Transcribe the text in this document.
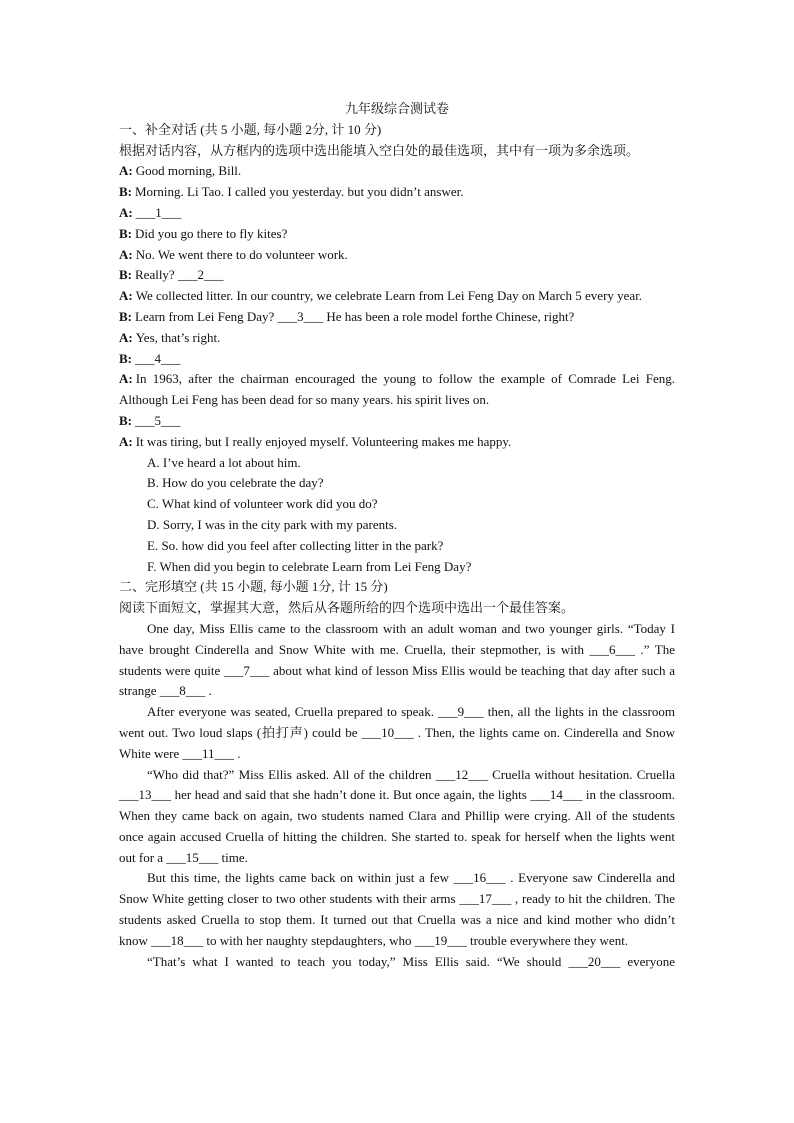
九年级综合测试卷
一、补全对话 (共 5 小题, 每小题 2分, 计 10 分)
根据对话内容，从方框内的选项中选出能填入空白处的最佳选项，其中有一项为多余选项。
A: Good morning, Bill.
B: Morning. Li Tao. I called you yesterday. but you didn’t answer.
A: ___1___
B: Did you go there to fly kites?
A: No. We went there to do volunteer work.
B: Really? ___2___
A: We collected litter. In our country, we celebrate Learn from Lei Feng Day on March 5 every year.
B: Learn from Lei Feng Day? ___3___ He has been a role model forthe Chinese, right?
A: Yes, that’s right.
B: ___4___
A: In 1963, after the chairman encouraged the young to follow the example of Comrade Lei Feng. Although Lei Feng has been dead for so many years. his spirit lives on.
B: ___5___
A: It was tiring, but I really enjoyed myself. Volunteering makes me happy.
A. I’ve heard a lot about him.
B. How do you celebrate the day?
C. What kind of volunteer work did you do?
D. Sorry, I was in the city park with my parents.
E. So. how did you feel after collecting litter in the park?
F. When did you begin to celebrate Learn from Lei Feng Day?
二、完形填空 (共 15 小题, 每小题 1分, 计 15 分)
阅读下面短文，掌握其大意，然后从各题所给的四个选项中选出一个最佳答案。
One day, Miss Ellis came to the classroom with an adult woman and two younger girls. “Today I have brought Cinderella and Snow White with me. Cruella, their stepmother, is with ___6___ .” The students were quite ___7___ about what kind of lesson Miss Ellis would be teaching that day after such a strange ___8___ .
After everyone was seated, Cruella prepared to speak. ___9___ then, all the lights in the classroom went out. Two loud slaps (拍打声) could be ___10___ . Then, the lights came on. Cinderella and Snow White were ___11___ .
“Who did that?” Miss Ellis asked. All of the children ___12___ Cruella without hesitation. Cruella ___13___ her head and said that she hadn’t done it. But once again, the lights ___14___ in the classroom. When they came back on again, two students named Clara and Phillip were crying. All of the students once again accused Cruella of hitting the children. She started to. speak for herself when the lights went out for a ___15___ time.
But this time, the lights came back on within just a few ___16___ . Everyone saw Cinderella and Snow White getting closer to two other students with their arms ___17___ , ready to hit the children. The students asked Cruella to stop them. It turned out that Cruella was a nice and kind mother who didn’t know ___18___ to with her naughty stepdaughters, who ___19___ trouble everywhere they went.
“That’s what I wanted to teach you today,” Miss Ellis said. “We should ___20___ everyone
